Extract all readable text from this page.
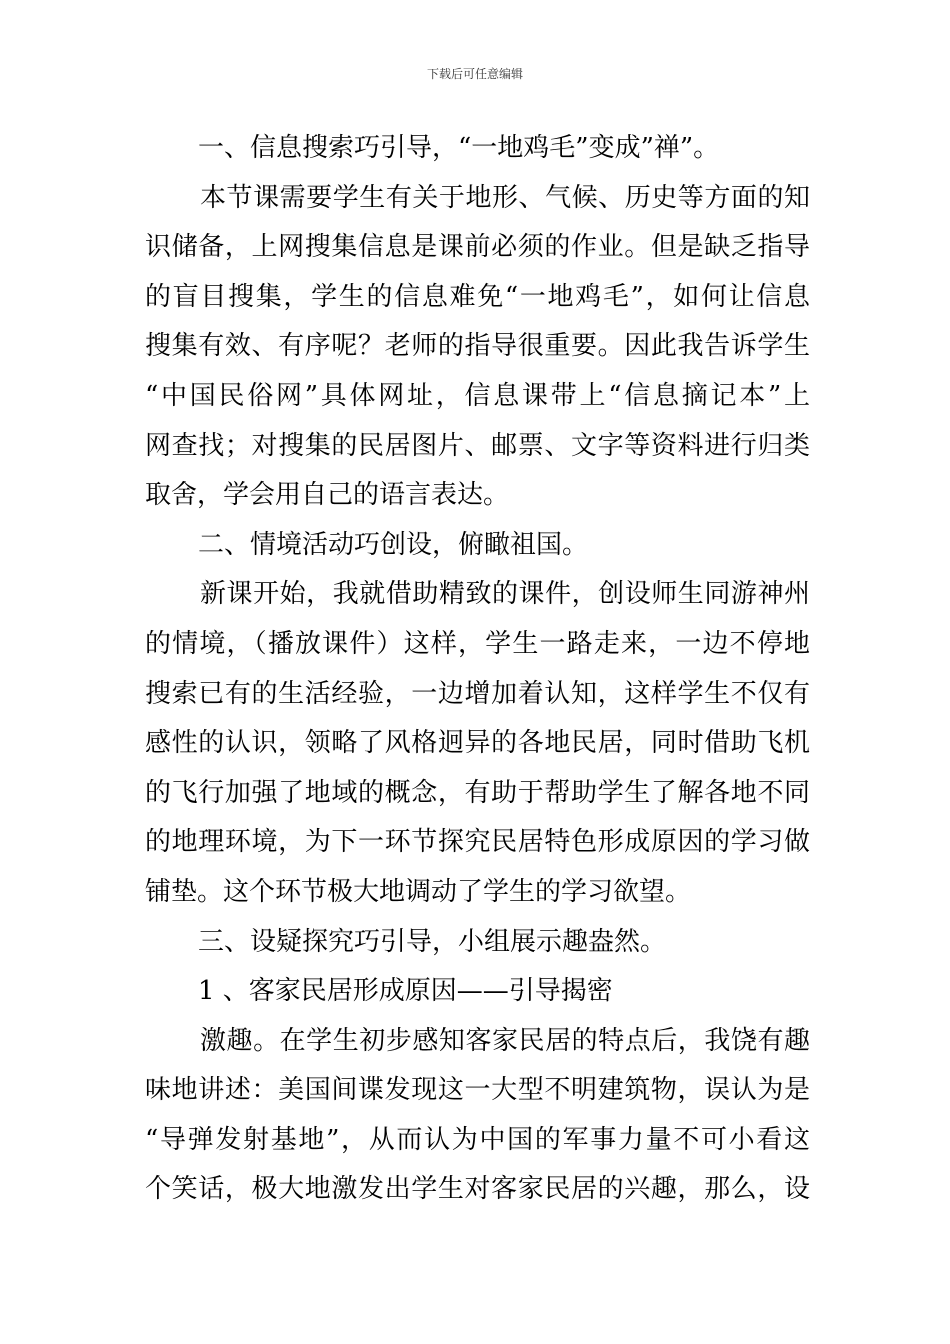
下载后可任意编辑
一、信息搜索巧引导，“一地鸡毛”变成”禅”。
本节课需要学生有关于地形、气候、历史等方面的知
识储备，上网搜集信息是课前必须的作业。但是缺乏指导
的盲目搜集，学生的信息难免“一地鸡毛”，如何让信息
搜集有效、有序呢？老师的指导很重要。因此我告诉学生
“中国民俗网”具体网址，信息课带上“信息摘记本”上
网查找；对搜集的民居图片、邮票、文字等资料进行归类
取舍，学会用自己的语言表达。
二、情境活动巧创设，俯瞰祖国。
新课开始，我就借助精致的课件，创设师生同游神州
的情境，（播放课件）这样，学生一路走来，一边不停地
搜索已有的生活经验，一边增加着认知，这样学生不仅有
感性的认识，领略了风格迥异的各地民居，同时借助飞机
的飞行加强了地域的概念，有助于帮助学生了解各地不同
的地理环境，为下一环节探究民居特色形成原因的学习做
铺垫。这个环节极大地调动了学生的学习欲望。
三、设疑探究巧引导，小组展示趣盎然。
1 、客家民居形成原因——引导揭密
激趣。在学生初步感知客家民居的特点后，我饶有趣
味地讲述：美国间谍发现这一大型不明建筑物，误认为是
“导弹发射基地”，从而认为中国的军事力量不可小看这
个笑话，极大地激发出学生对客家民居的兴趣，那么，设
